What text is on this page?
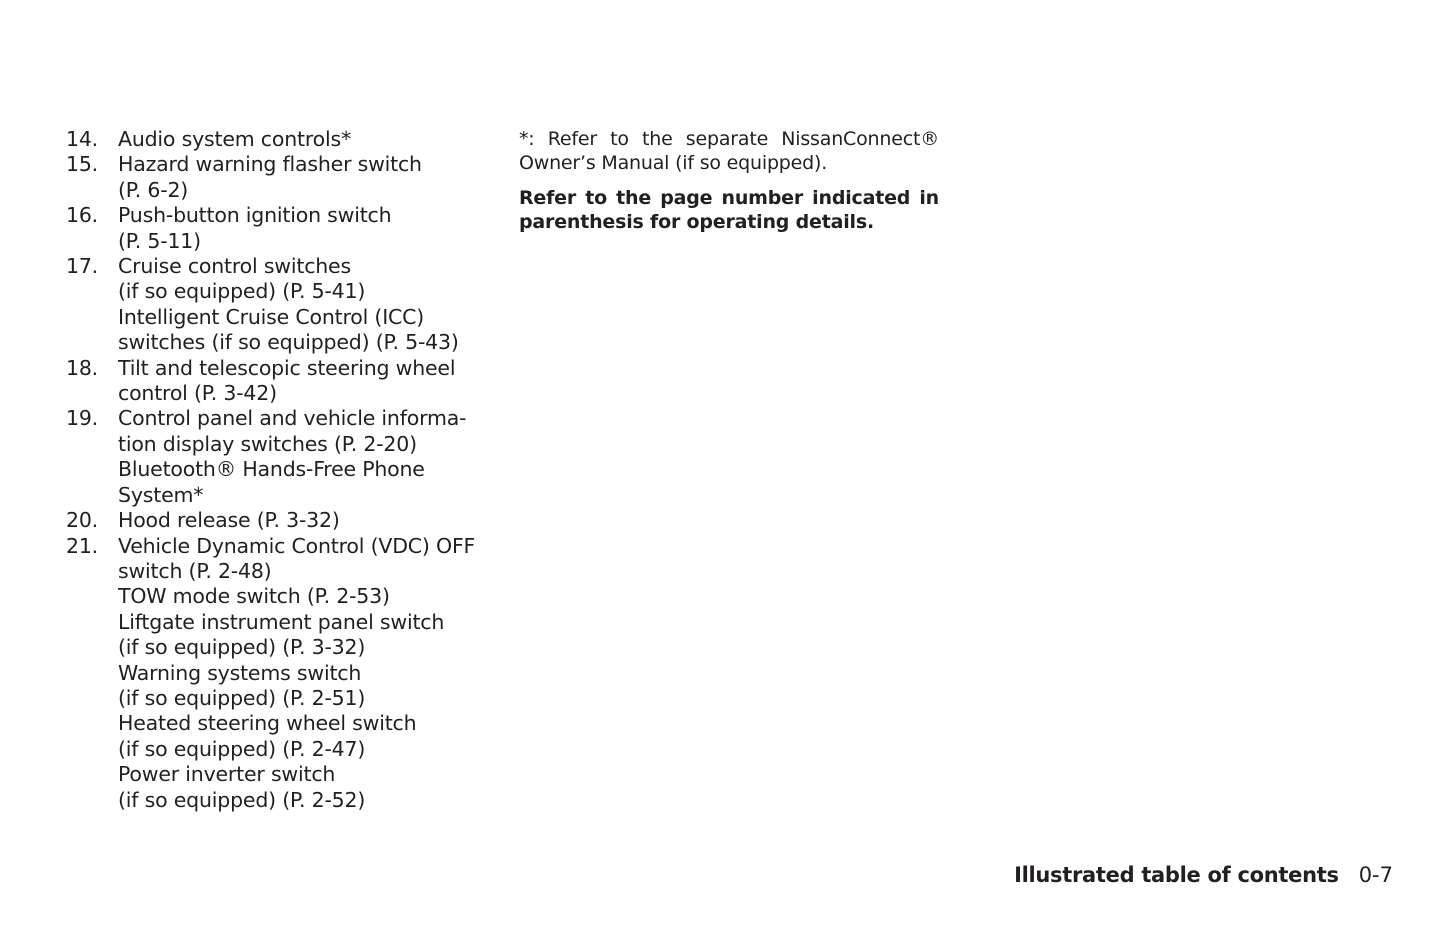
14. Audio system controls*
15. Hazard warning flasher switch
(P. 6-2)
16. Push-button ignition switch
(P. 5-11)
17. Cruise control switches
(if so equipped) (P. 5-41)
Intelligent Cruise Control (ICC)
switches (if so equipped) (P. 5-43)
18. Tilt and telescopic steering wheel
control (P. 3-42)
19. Control panel and vehicle informa-
tion display switches (P. 2-20)
Bluetooth® Hands-Free Phone
System*
20. Hood release (P. 3-32)
21. Vehicle Dynamic Control (VDC) OFF
switch (P. 2-48)
TOW mode switch (P. 2-53)
Liftgate instrument panel switch
(if so equipped) (P. 3-32)
Warning systems switch
(if so equipped) (P. 2-51)
Heated steering wheel switch
(if so equipped) (P. 2-47)
Power inverter switch
(if so equipped) (P. 2-52)

*: Refer to the separate NissanConnect®
Owner’s Manual (if so equipped).

Refer to the page number indicated in
parenthesis for operating details.

Illustrated table of contents 0-7
